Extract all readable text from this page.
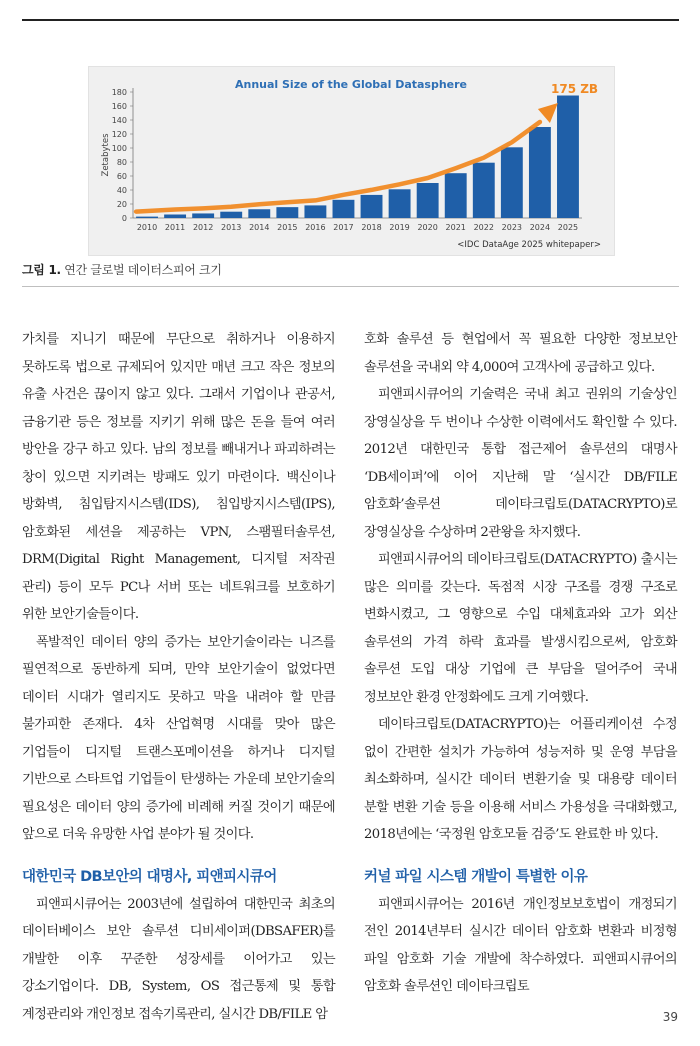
Annual Size of the Global Datasphere
0
20
40
60
80
100
120
140
160
180
Zetabytes
2010 2011 2012 2013 2014 2015 2016 2017 2018 2019 2020 2021 2022 2023 2024 2025
175 ZB
<IDC DataAge 2025 whitepaper>
그림 1. 연간 글로벌 데이터스피어 크기

가치를 지니기 때문에 무단으로 취하거나 이용하지 못하도록 법으로 규제되어 있지만 매년 크고 작은 정보의 유출 사건은 끊이지 않고 있다. 그래서 기업이나 관공서, 금융기관 등은 정보를 지키기 위해 많은 돈을 들여 여러 방안을 강구 하고 있다. 남의 정보를 빼내거나 파괴하려는 창이 있으면 지키려는 방패도 있기 마련이다. 백신이나 방화벽, 침입탐지시스템(IDS), 침입방지시스템(IPS), 암호화된 세션을 제공하는 VPN, 스팸필터솔루션, DRM(Digital Right Management, 디지털 저작권 관리) 등이 모두 PC나 서버 또는 네트워크를 보호하기 위한 보안기술들이다.

폭발적인 데이터 양의 증가는 보안기술이라는 니즈를 필연적으로 동반하게 되며, 만약 보안기술이 없었다면 데이터 시대가 열리지도 못하고 막을 내려야 할 만큼 불가피한 존재다. 4차 산업혁명 시대를 맞아 많은 기업들이 디지털 트랜스포메이션을 하거나 디지털 기반으로 스타트업 기업들이 탄생하는 가운데 보안기술의 필요성은 데이터 양의 증가에 비례해 커질 것이기 때문에 앞으로 더욱 유망한 사업 분야가 될 것이다.

대한민국 DB보안의 대명사, 피앤피시큐어

피앤피시큐어는 2003년에 설립하여 대한민국 최초의 데이터베이스 보안 솔루션 디비세이퍼(DBSAFER)를 개발한 이후 꾸준한 성장세를 이어가고 있는 강소기업이다. DB, System, OS 접근통제 및 통합 계정관리와 개인정보 접속기록관리, 실시간 DB/FILE 암

호화 솔루션 등 현업에서 꼭 필요한 다양한 정보보안 솔루션을 국내외 약 4,000여 고객사에 공급하고 있다.

피앤피시큐어의 기술력은 국내 최고 권위의 기술상인 장영실상을 두 번이나 수상한 이력에서도 확인할 수 있다. 2012년 대한민국 통합 접근제어 솔루션의 대명사 ‘DB세이퍼’에 이어 지난해 말 ‘실시간 DB/FILE 암호화’솔루션 데이타크립토(DATACRYPTO)로 장영실상을 수상하며 2관왕을 차지했다.

피앤피시큐어의 데이타크립토(DATACRYPTO) 출시는 많은 의미를 갖는다. 독점적 시장 구조를 경쟁 구조로 변화시켰고, 그 영향으로 수입 대체효과와 고가 외산 솔루션의 가격 하락 효과를 발생시킴으로써, 암호화 솔루션 도입 대상 기업에 큰 부담을 덜어주어 국내 정보보안 환경 안정화에도 크게 기여했다.

데이타크립토(DATACRYPTO)는 어플리케이션 수정 없이 간편한 설치가 가능하여 성능저하 및 운영 부담을 최소화하며, 실시간 데이터 변환기술 및 대용량 데이터 분할 변환 기술 등을 이용해 서비스 가용성을 극대화했고, 2018년에는 ‘국정원 암호모듈 검증’도 완료한 바 있다.

커널 파일 시스템 개발이 특별한 이유

피앤피시큐어는 2016년 개인정보보호법이 개정되기 전인 2014년부터 실시간 데이터 암호화 변환과 비정형 파일 암호화 기술 개발에 착수하였다. 피앤피시큐어의 암호화 솔루션인 데이타크립토

39
